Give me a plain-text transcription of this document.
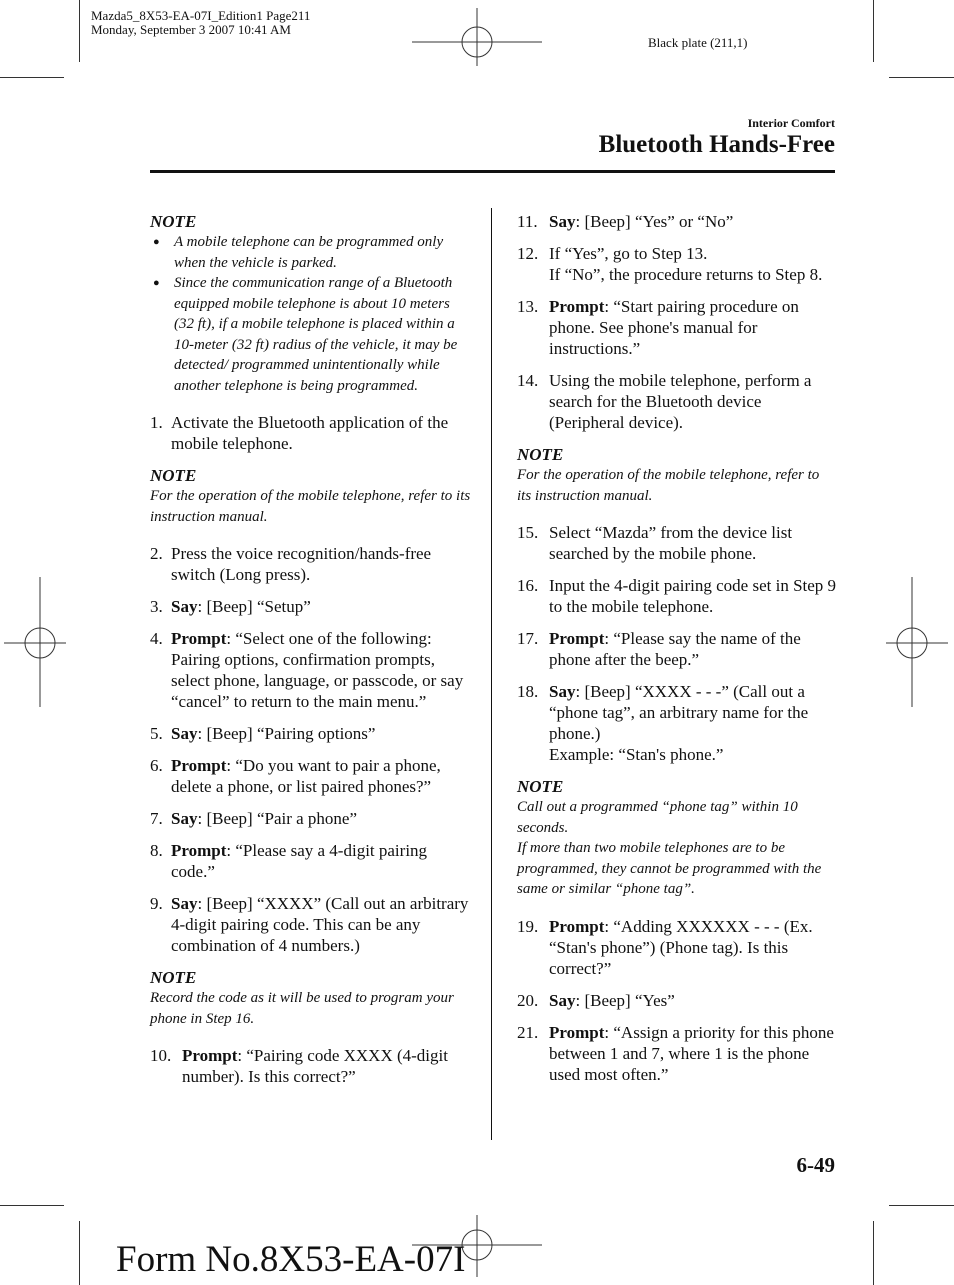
Mazda5_8X53-EA-07I_Edition1 Page211
Monday, September 3 2007 10:41 AM
Black plate (211,1)
Interior Comfort
Bluetooth Hands-Free
NOTE
● A mobile telephone can be programmed only when the vehicle is parked.
● Since the communication range of a Bluetooth equipped mobile telephone is about 10 meters (32 ft), if a mobile telephone is placed within a 10-meter (32 ft) radius of the vehicle, it may be detected/ programmed unintentionally while another telephone is being programmed.
1. Activate the Bluetooth application of the mobile telephone.
NOTE
For the operation of the mobile telephone, refer to its instruction manual.
2. Press the voice recognition/hands-free switch (Long press).
3. Say: [Beep] “Setup”
4. Prompt: “Select one of the following: Pairing options, confirmation prompts, select phone, language, or passcode, or say “cancel” to return to the main menu.”
5. Say: [Beep] “Pairing options”
6. Prompt: “Do you want to pair a phone, delete a phone, or list paired phones?”
7. Say: [Beep] “Pair a phone”
8. Prompt: “Please say a 4-digit pairing code.”
9. Say: [Beep] “XXXX” (Call out an arbitrary 4-digit pairing code. This can be any combination of 4 numbers.)
NOTE
Record the code as it will be used to program your phone in Step 16.
10. Prompt: “Pairing code XXXX (4-digit number). Is this correct?”
11. Say: [Beep] “Yes” or “No”
12. If “Yes”, go to Step 13.
If “No”, the procedure returns to Step 8.
13. Prompt: “Start pairing procedure on phone. See phone's manual for instructions.”
14. Using the mobile telephone, perform a search for the Bluetooth device (Peripheral device).
NOTE
For the operation of the mobile telephone, refer to its instruction manual.
15. Select “Mazda” from the device list searched by the mobile phone.
16. Input the 4-digit pairing code set in Step 9 to the mobile telephone.
17. Prompt: “Please say the name of the phone after the beep.”
18. Say: [Beep] “XXXX - - -” (Call out a “phone tag”, an arbitrary name for the phone.)
Example: “Stan's phone.”
NOTE
Call out a programmed “phone tag” within 10 seconds.
If more than two mobile telephones are to be programmed, they cannot be programmed with the same or similar “phone tag”.
19. Prompt: “Adding XXXXXX - - - (Ex. “Stan's phone”) (Phone tag). Is this correct?”
20. Say: [Beep] “Yes”
21. Prompt: “Assign a priority for this phone between 1 and 7, where 1 is the phone used most often.”
6-49
Form No.8X53-EA-07I
